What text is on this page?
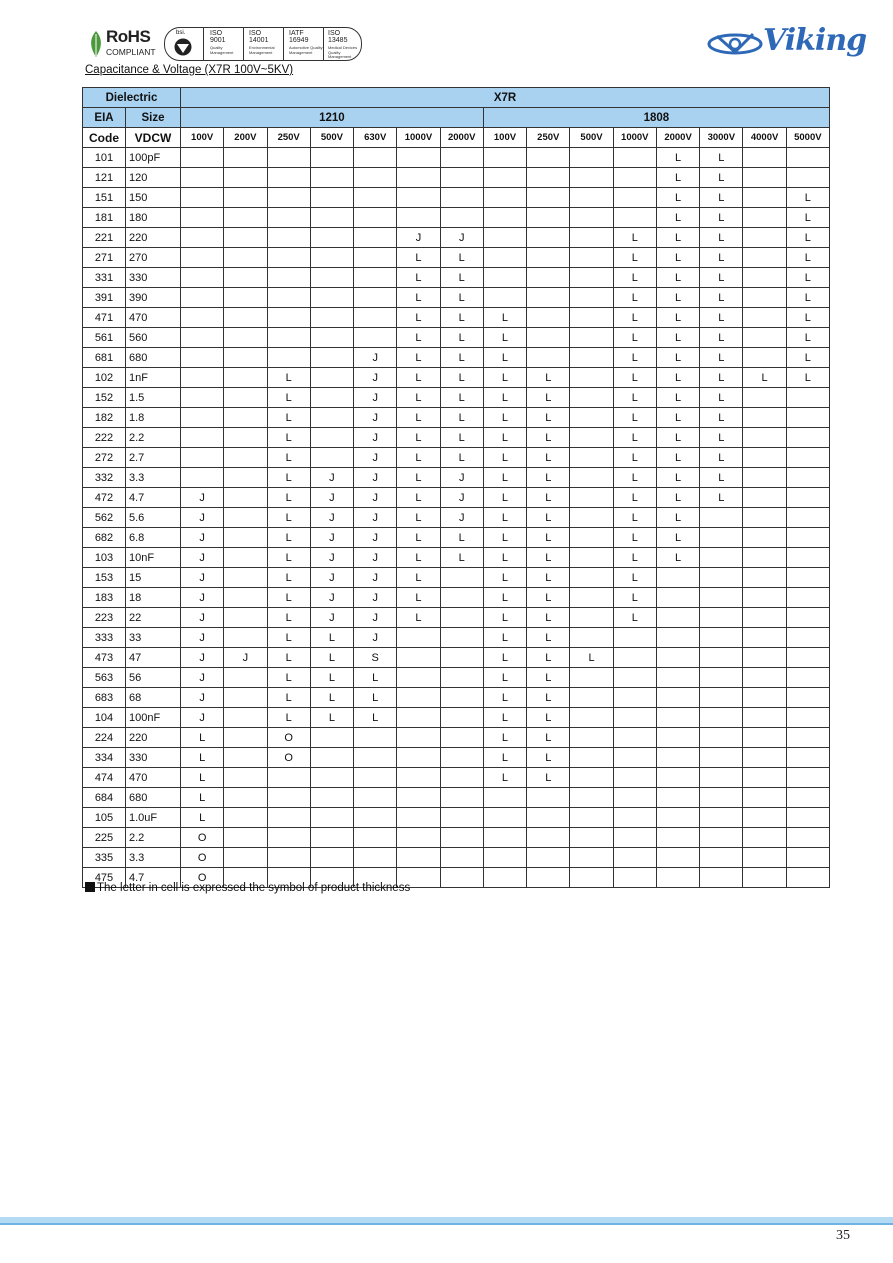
RoHS
COMPLIANT
bsi.	ISO
9001
Quality
Management
ISO
14001
Environmental
Management
IATF
16949
Automotive Quality
Management
ISO
13485
Medical Devices
Quality
Management	Viking
Capacitance & Voltage (X7R 100V~5KV)
Dielectric		X7R														
EIA	Size	1210							1808							
Code	VDCW	100V	200V	250V	500V	630V	1000V	2000V	100V	250V	500V	1000V	2000V	3000V	4000V	5000V
101	100pF												L	L		
121	120												L	L		
151	150												L	L		L
181	180												L	L		L
221	220						J	J				L	L	L		L
271	270						L	L				L	L	L		L
331	330						L	L				L	L	L		L
391	390						L	L				L	L	L		L
471	470						L	L	L			L	L	L		L
561	560						L	L	L			L	L	L		L
681	680					J	L	L	L			L	L	L		L
102	1nF			L		J	L	L	L	L		L	L	L	L	L
152	1.5			L		J	L	L	L	L		L	L	L		
182	1.8			L		J	L	L	L	L		L	L	L		
222	2.2			L		J	L	L	L	L		L	L	L		
272	2.7			L		J	L	L	L	L		L	L	L		
332	3.3			L	J	J	L	J	L	L		L	L	L		
472	4.7	J		L	J	J	L	J	L	L		L	L	L		
562	5.6	J		L	J	J	L	J	L	L		L	L			
682	6.8	J		L	J	J	L	L	L	L		L	L			
103	10nF	J		L	J	J	L	L	L	L		L	L			
153	15	J		L	J	J	L		L	L		L				
183	18	J		L	J	J	L		L	L		L				
223	22	J		L	J	J	L		L	L		L				
333	33	J		L	L	J			L	L						
473	47	J	J	L	L	S			L	L	L					
563	56	J		L	L	L			L	L						
683	68	J		L	L	L			L	L						
104	100nF	J		L	L	L			L	L						
224	220	L		O					L	L						
334	330	L		O					L	L						
474	470	L							L	L						
684	680	L														
105	1.0uF	L														
225	2.2	O														
335	3.3	O														
475	4.7	O														
The letter in cell is expressed the symbol of product thickness
35
